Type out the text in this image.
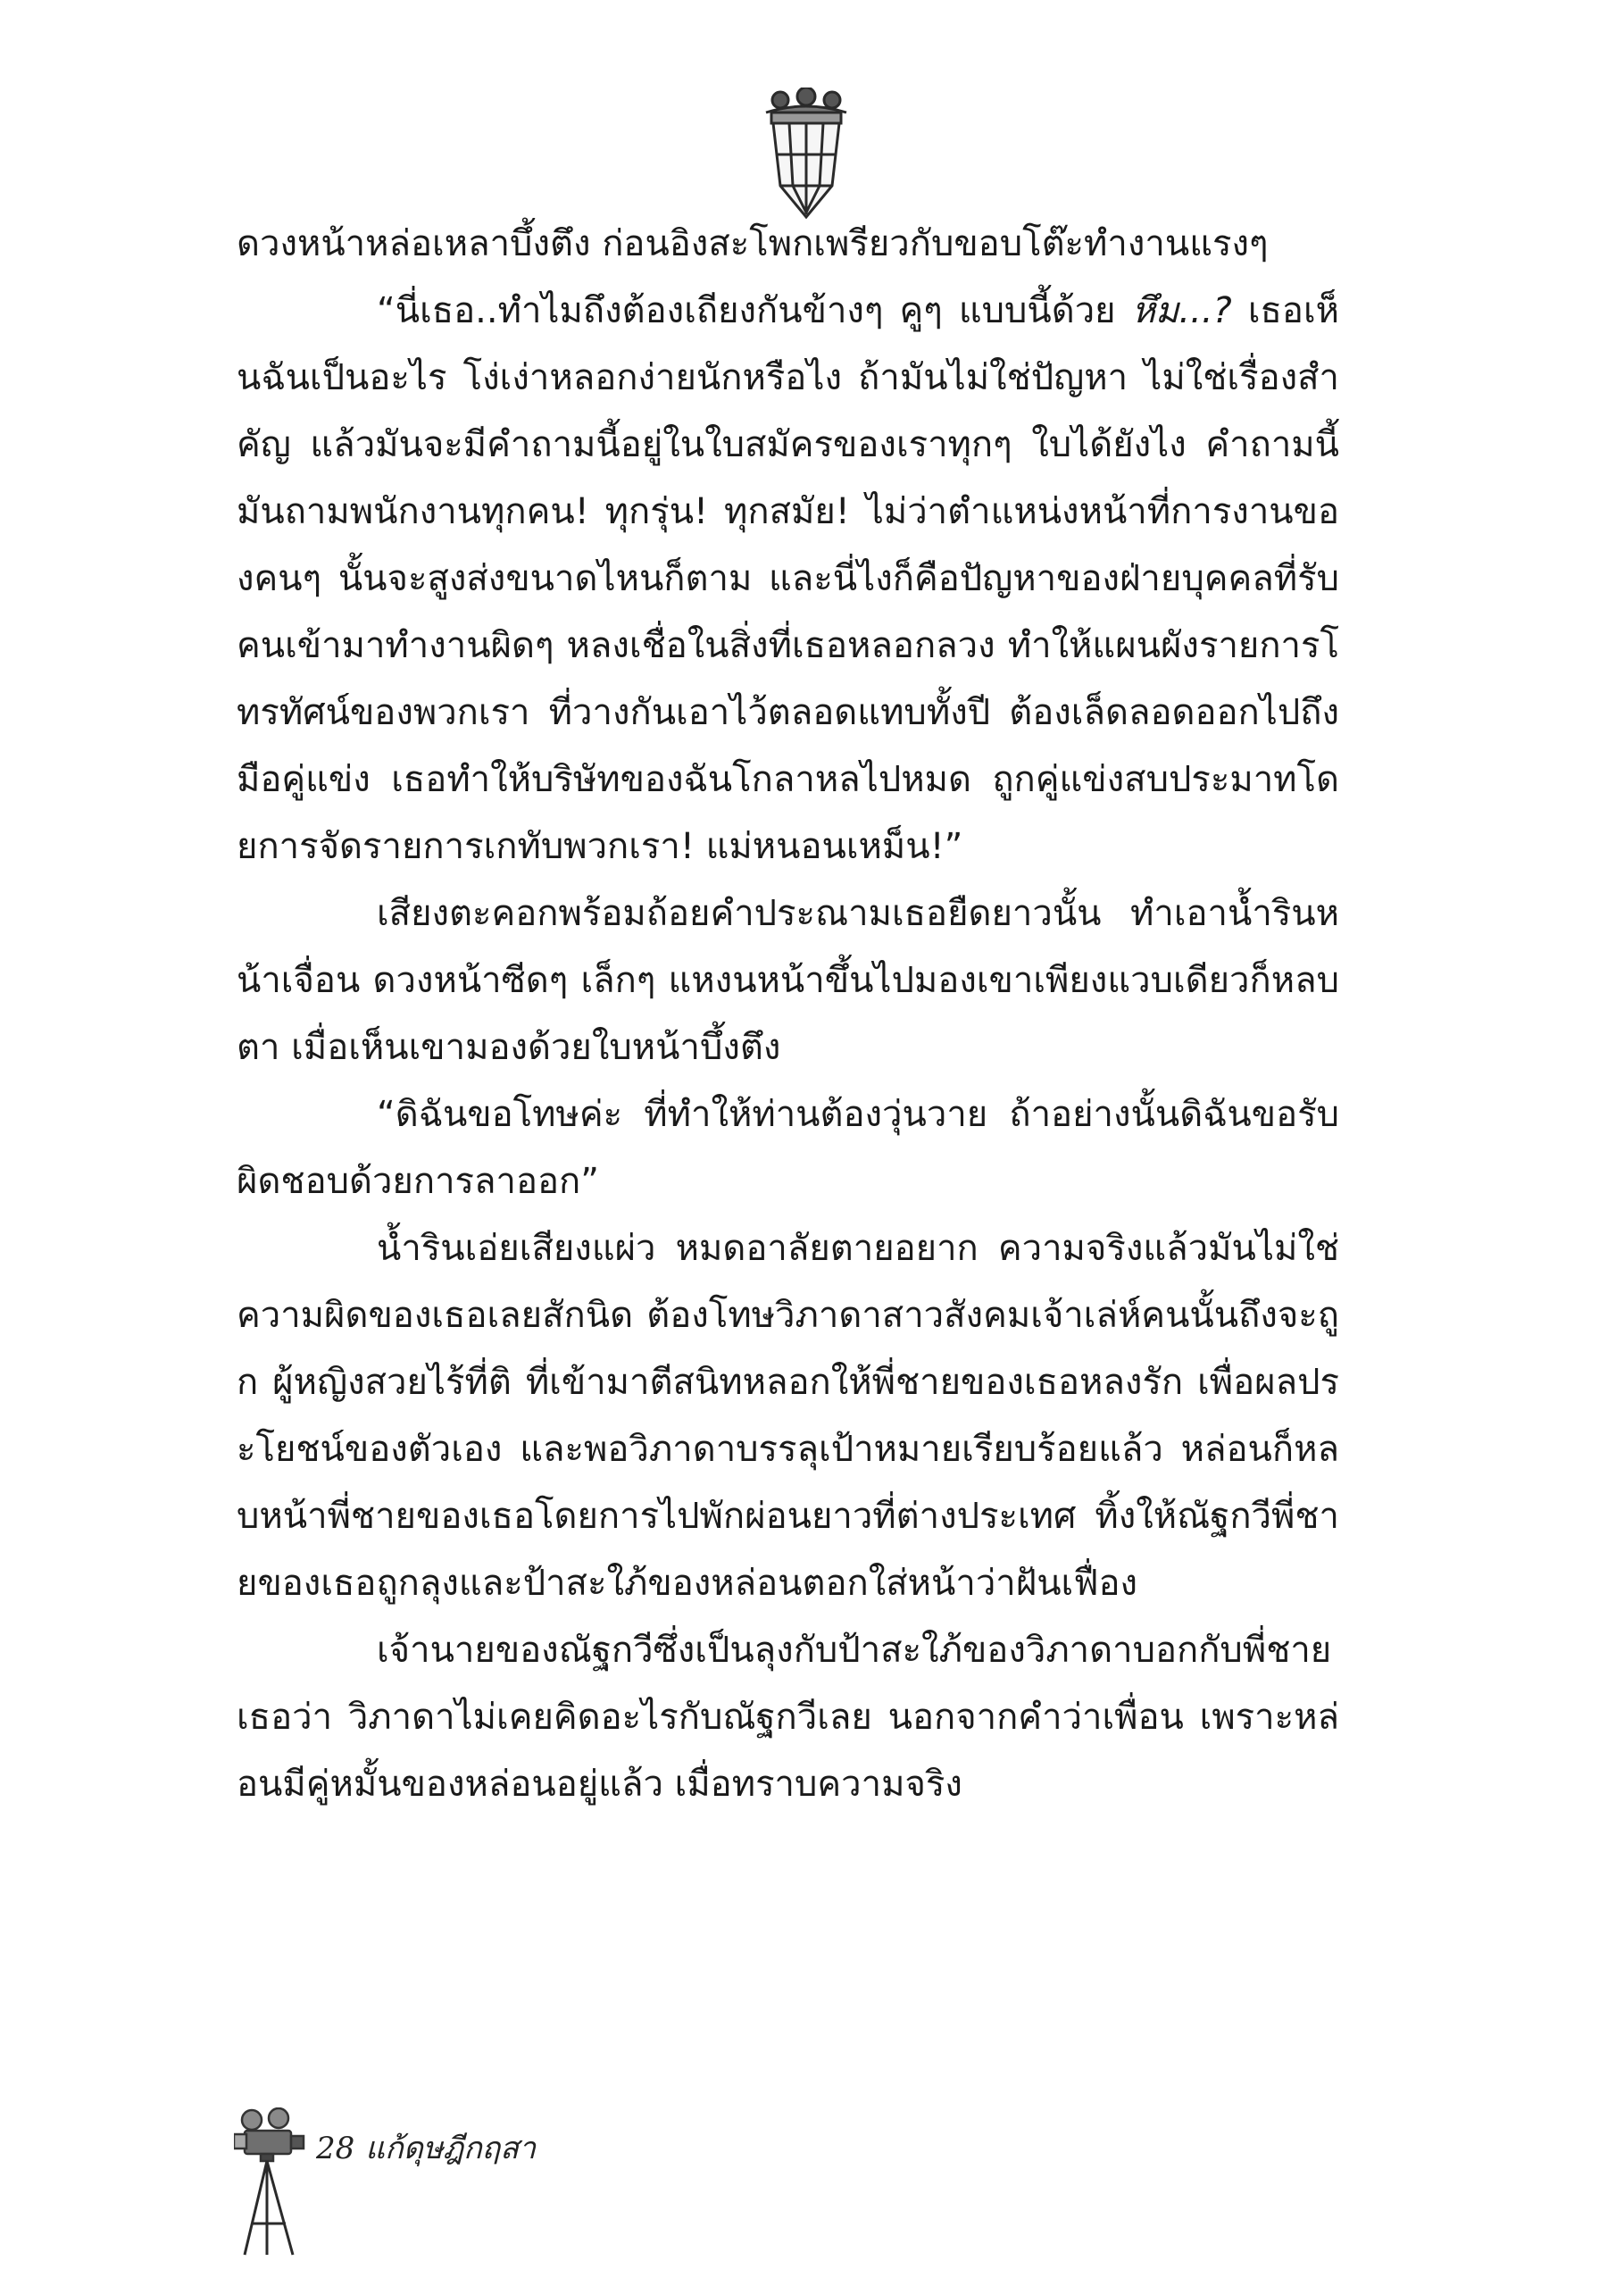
ดวงหน้าหล่อเหลาบึ้งตึง ก่อนอิงสะโพกเพรียวกับขอบโต๊ะทำงานแรงๆ

“นี่เธอ..ทำไมถึงต้องเถียงกันข้างๆ คูๆ แบบนี้ด้วย หึม...? เธอเห็นฉันเป็นอะไร โง่เง่าหลอกง่ายนักหรือไง ถ้ามันไม่ใช่ปัญหา ไม่ใช่เรื่องสำคัญ แล้วมันจะมีคำถามนี้อยู่ในใบสมัครของเราทุกๆ ใบได้ยังไง คำถามนี้ มันถามพนักงานทุกคน! ทุกรุ่น! ทุกสมัย! ไม่ว่าตำแหน่งหน้าที่การงานของคนๆ นั้นจะสูงส่งขนาดไหนก็ตาม และนี่ไงก็คือปัญหาของฝ่ายบุคคลที่รับคนเข้ามาทำงานผิดๆ หลงเชื่อในสิ่งที่เธอหลอกลวง ทำให้แผนผังรายการโทรทัศน์ของพวกเรา ที่วางกันเอาไว้ตลอดแทบทั้งปี ต้องเล็ดลอดออกไปถึงมือคู่แข่ง เธอทำให้บริษัทของฉันโกลาหลไปหมด ถูกคู่แข่งสบประมาทโดยการจัดรายการเกทับพวกเรา! แม่หนอนเหม็น!”

เสียงตะคอกพร้อมถ้อยคำประณามเธอยืดยาวนั้น ทำเอาน้ำรินหน้าเจื่อน ดวงหน้าซีดๆ เล็กๆ แหงนหน้าขึ้นไปมองเขาเพียงแวบเดียวก็หลบตา เมื่อเห็นเขามองด้วยใบหน้าบึ้งตึง

“ดิฉันขอโทษค่ะ ที่ทำให้ท่านต้องวุ่นวาย ถ้าอย่างนั้นดิฉันขอรับผิดชอบด้วยการลาออก”

น้ำรินเอ่ยเสียงแผ่ว หมดอาลัยตายอยาก ความจริงแล้วมันไม่ใช่ความผิดของเธอเลยสักนิด ต้องโทษวิภาดาสาวสังคมเจ้าเล่ห์คนนั้นถึงจะถูก ผู้หญิงสวยไร้ที่ติ ที่เข้ามาตีสนิทหลอกให้พี่ชายของเธอหลงรัก เพื่อผลประโยชน์ของตัวเอง และพอวิภาดาบรรลุเป้าหมายเรียบร้อยแล้ว หล่อนก็หลบหน้าพี่ชายของเธอโดยการไปพักผ่อนยาวที่ต่างประเทศ ทิ้งให้ณัฐกวีพี่ชายของเธอถูกลุงและป้าสะใภ้ของหล่อนตอกใส่หน้าว่าฝันเฟื่อง

เจ้านายของณัฐกวีซึ่งเป็นลุงกับป้าสะใภ้ของวิภาดาบอกกับพี่ชายเธอว่า วิภาดาไม่เคยคิดอะไรกับณัฐกวีเลย นอกจากคำว่าเพื่อน เพราะหล่อนมีคู่หมั้นของหล่อนอยู่แล้ว เมื่อทราบความจริง

28 แก้ดุษฎีกฤสา
